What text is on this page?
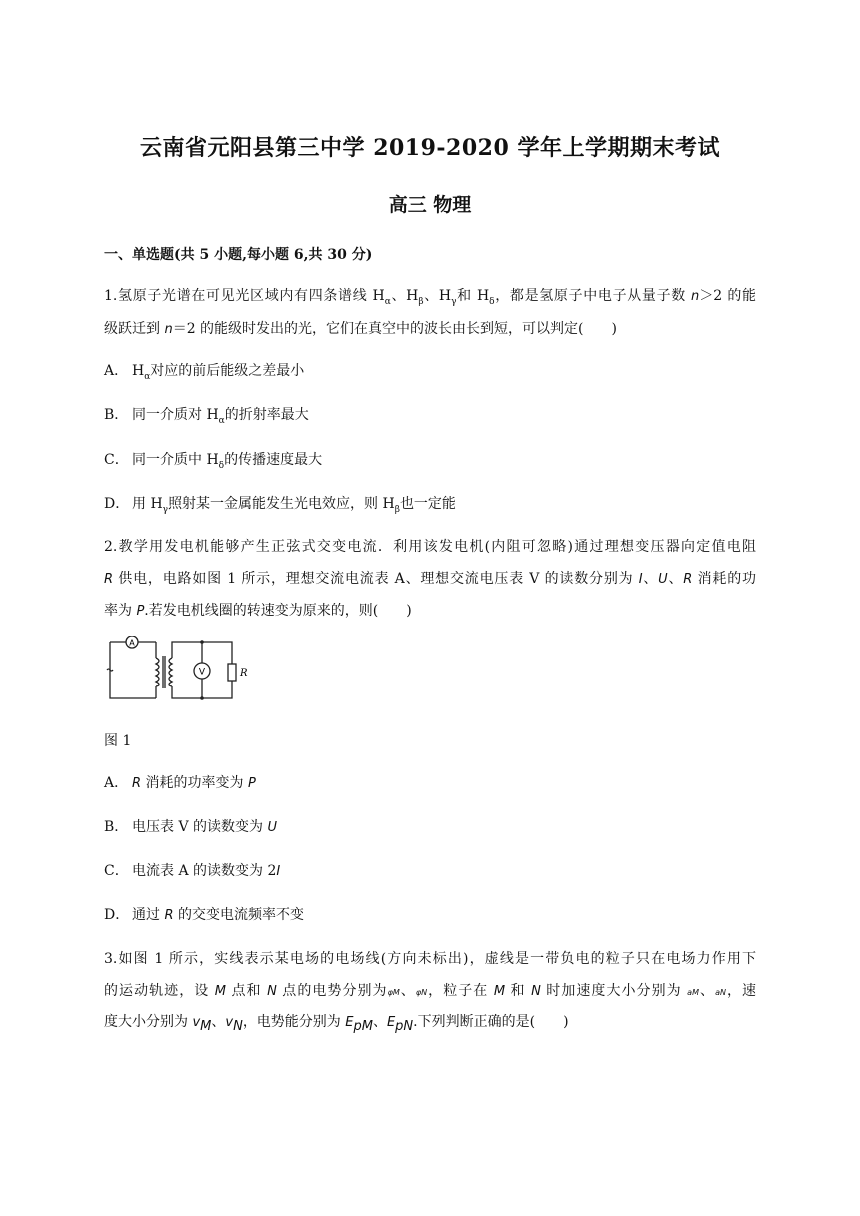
云南省元阳县第三中学 2019-2020 学年上学期期末考试
高三 物理
一、单选题(共 5 小题,每小题 6,共 30 分)
1.氢原子光谱在可见光区域内有四条谱线 $H_\alpha$、$H_\beta$、$H_\gamma$和 $H_\delta$，都是氢原子中电子从量子数 n＞2 的能
级跃迁到 n＝2 的能级时发出的光，它们在真空中的波长由长到短，可以判定(　　)
A． $H_\alpha$对应的前后能级之差最小
B． 同一介质对 $H_\alpha$的折射率最大
C． 同一介质中 $H_\delta$的传播速度最大
D． 用 $H_\gamma$照射某一金属能发生光电效应，则 $H_\beta$也一定能
2.教学用发电机能够产生正弦式交变电流．利用该发电机(内阻可忽略)通过理想变压器向定值电阻
R 供电，电路如图 1 所示，理想交流电流表 A、理想交流电压表 V 的读数分别为 I、U、R 消耗的功
率为 P.若发电机线圈的转速变为原来的，则(　　)
A
V	R
图 1
A． R 消耗的功率变为 P
B． 电压表 V 的读数变为 U
C． 电流表 A 的读数变为 2I
D． 通过 R 的交变电流频率不变
3.如图 1 所示，实线表示某电场的电场线(方向未标出)，虚线是一带负电的粒子只在电场力作用下
的运动轨迹，设 M 点和 N 点的电势分别为φM、φN，粒子在 M 和 N 时加速度大小分别为 aM、aN，速
度大小分别为 $v_M$、$v_N$，电势能分别为 $E_{pM}$、$E_{pN}$.下列判断正确的是(　　)
